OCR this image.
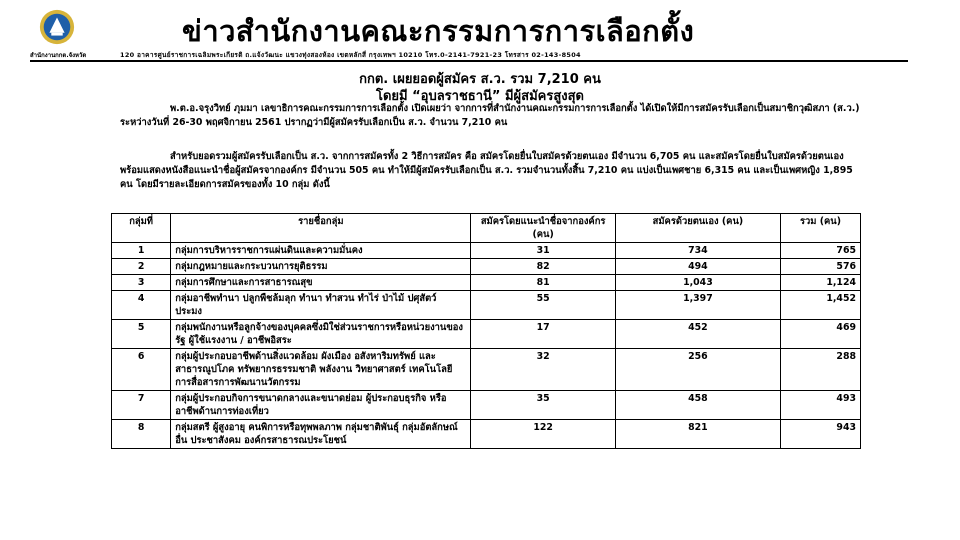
สำนักงานกกต.จังหวัด
ข่าวสำนักงานคณะกรรมการการเลือกตั้ง
120 อาคารศูนย์ราชการเฉลิมพระเกียรติ ถ.แจ้งวัฒนะ แขวงทุ่งสองห้อง เขตหลักสี่ กรุงเทพฯ 10210 โทร.0-2141-7921-23 โทรสาร 02-143-8504
กกต. เผยยอดผู้สมัคร ส.ว. รวม 7,210 คน
โดยมี “อุบลราชธานี” มีผู้สมัครสูงสุด
พ.ต.อ.จรุงวิทย์ ภุมมา เลขาธิการคณะกรรมการการเลือกตั้ง เปิดเผยว่า จากการที่สำนักงานคณะกรรมการการเลือกตั้ง ได้เปิดให้มีการสมัครรับเลือกเป็นสมาชิกวุฒิสภา (ส.ว.) ระหว่างวันที่ 26-30 พฤศจิกายน 2561 ปรากฏว่ามีผู้สมัครรับเลือกเป็น ส.ว. จำนวน 7,210 คน
สำหรับยอดรวมผู้สมัครรับเลือกเป็น ส.ว. จากการสมัครทั้ง 2 วิธีการสมัคร คือ สมัครโดยยื่นใบสมัครด้วยตนเอง มีจำนวน 6,705 คน และสมัครโดยยื่นใบสมัครด้วยตนเองพร้อมแสดงหนังสือแนะนำชื่อผู้สมัครจากองค์กร มีจำนวน 505 คน ทำให้มีผู้สมัครรับเลือกเป็น ส.ว. รวมจำนวนทั้งสิ้น 7,210 คน แบ่งเป็นเพศชาย 6,315 คน และเป็นเพศหญิง 1,895 คน โดยมีรายละเอียดการสมัครของทั้ง 10 กลุ่ม ดังนี้
กลุ่มที่	รายชื่อกลุ่ม	สมัครโดยแนะนำชื่อจากองค์กร (คน)	สมัครด้วยตนเอง (คน)	รวม (คน)
1	กลุ่มการบริหารราชการแผ่นดินและความมั่นคง	31	734	765
2	กลุ่มกฎหมายและกระบวนการยุติธรรม	82	494	576
3	กลุ่มการศึกษาและการสาธารณสุข	81	1,043	1,124
4	กลุ่มอาชีพทำนา ปลูกพืชล้มลุก ทำนา ทำสวน ทำไร่ ป่าไม้ ปศุสัตว์ ประมง	55	1,397	1,452
5	กลุ่มพนักงานหรือลูกจ้างของบุคคลซึ่งมิใช่ส่วนราชการหรือหน่วยงานของรัฐ ผู้ใช้แรงงาน / อาชีพอิสระ	17	452	469
6	กลุ่มผู้ประกอบอาชีพด้านสิ่งแวดล้อม ผังเมือง อสังหาริมทรัพย์ และสาธารณูปโภค ทรัพยากรธรรมชาติ พลังงาน วิทยาศาสตร์ เทคโนโลยี การสื่อสารการพัฒนานวัตกรรม	32	256	288
7	กลุ่มผู้ประกอบกิจการขนาดกลางและขนาดย่อม ผู้ประกอบธุรกิจ หรืออาชีพด้านการท่องเที่ยว	35	458	493
8	กลุ่มสตรี ผู้สูงอายุ คนพิการหรือทุพพลภาพ กลุ่มชาติพันธุ์ กลุ่มอัตลักษณ์อื่น ประชาสังคม องค์กรสาธารณประโยชน์	122	821	943
